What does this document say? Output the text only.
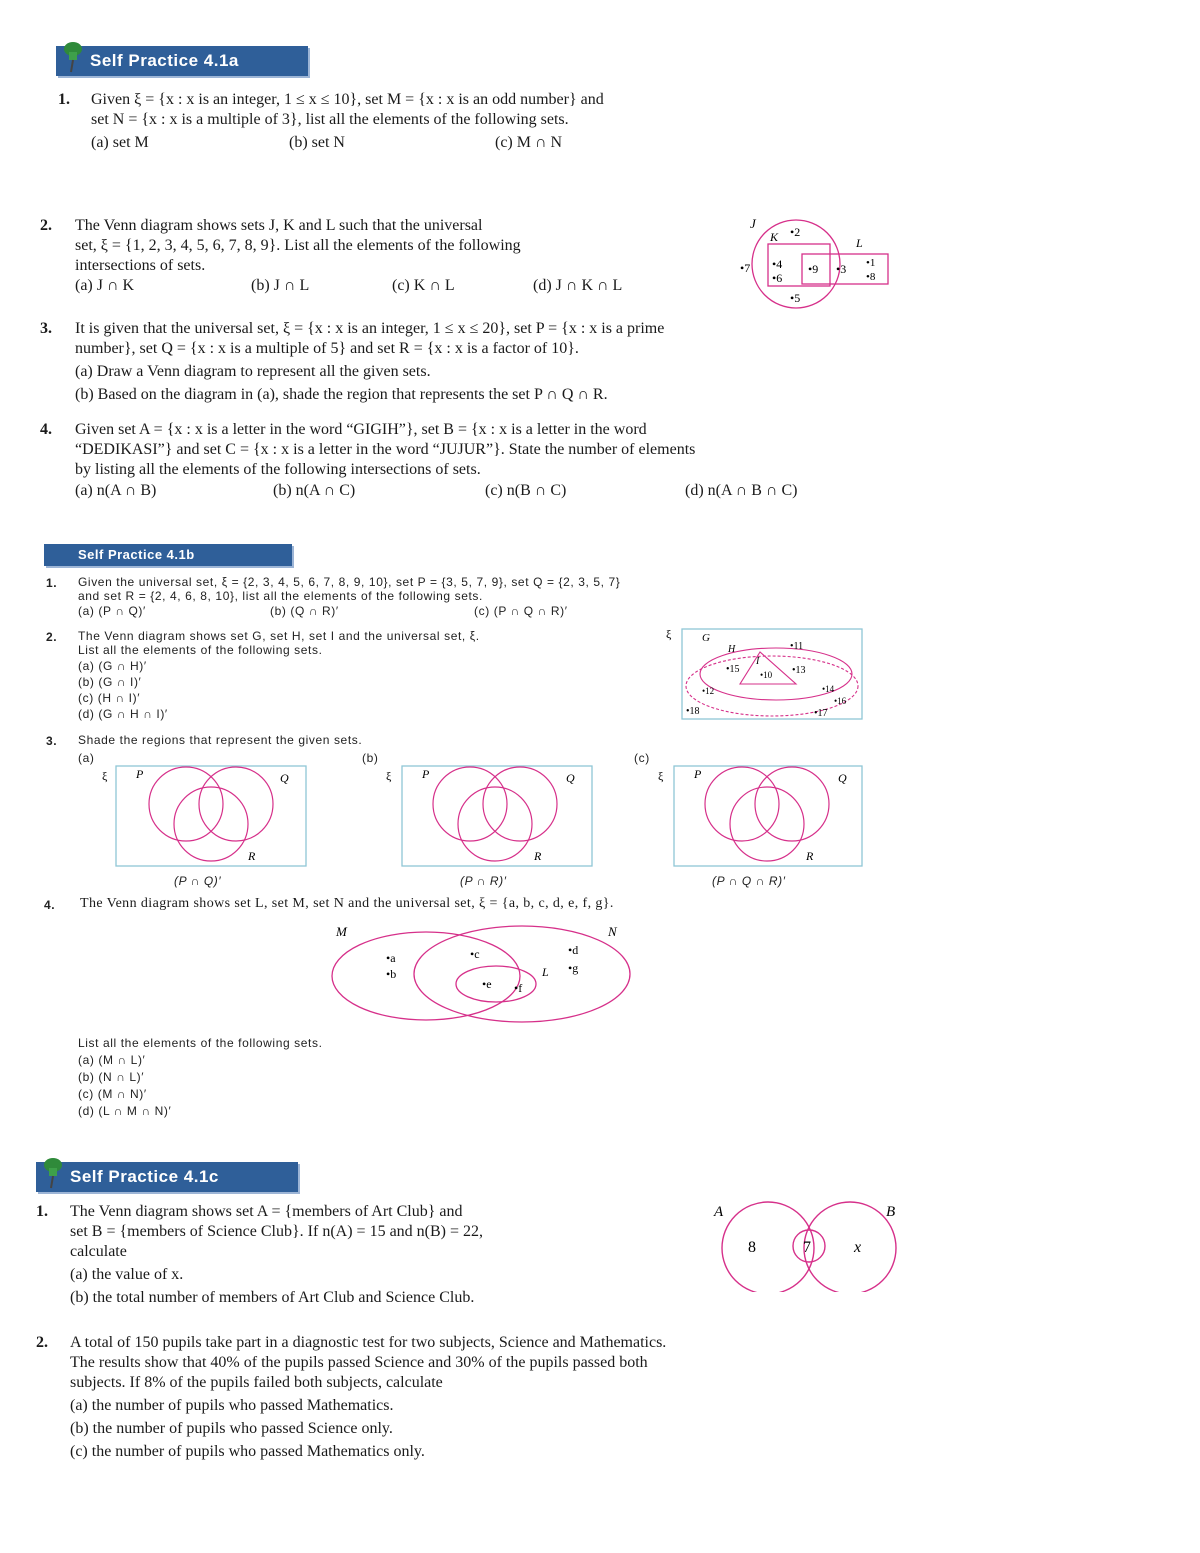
Self Practice 4.1a
1. Given ξ = {x : x is an integer, 1 ≤ x ≤ 10}, set M = {x : x is an odd number} and
set N = {x : x is a multiple of 3}, list all the elements of the following sets.
(a) set M	(b) set N	(c) M ∩ N
2. The Venn diagram shows sets J, K and L such that the universal
set, ξ = {1, 2, 3, 4, 5, 6, 7, 8, 9}. List all the elements of the following
intersections of sets.
(a) J ∩ K	(b) J ∩ L	(c) K ∩ L	(d) J ∩ K ∩ L
J
K	L
•2
•7 •4
•6
•9 •3 •1
•8
•5
3. It is given that the universal set, ξ = {x : x is an integer, 1 ≤ x ≤ 20}, set P = {x : x is a prime
number}, set Q = {x : x is a multiple of 5} and set R = {x : x is a factor of 10}.
(a) Draw a Venn diagram to represent all the given sets.
(b) Based on the diagram in (a), shade the region that represents the set P ∩ Q ∩ R.
4. Given set A = {x : x is a letter in the word “GIGIH”}, set B = {x : x is a letter in the word
“DEDIKASI”} and set C = {x : x is a letter in the word “JUJUR”}. State the number of elements
by listing all the elements of the following intersections of sets.
(a) n(A ∩ B)	(b) n(A ∩ C)	(c) n(B ∩ C)	(d) n(A ∩ B ∩ C)
Self Practice 4.1b
1. Given the universal set, ξ = {2, 3, 4, 5, 6, 7, 8, 9, 10}, set P = {3, 5, 7, 9}, set Q = {2, 3, 5, 7}
and set R = {2, 4, 6, 8, 10}, list all the elements of the following sets.
(a) (P ∩ Q)′	(b) (Q ∩ R)′	(c) (P ∩ Q ∩ R)′
2. The Venn diagram shows set G, set H, set I and the universal set, ξ.
List all the elements of the following sets.
(a) (G ∩ H)′
(b) (G ∩ I)′
(c) (H ∩ I)′
(d) (G ∩ H ∩ I)′
ξ	G
H
I
•11
•15 •10 •13
•12	•14
•16
•18	•17
3. Shade the regions that represent the given sets.
(a)	(b)	(c)
ξ P	Q
R
ξ	P	Q
R
ξ	P	Q
R
(P ∩ Q)′	(P ∩ R)′	(P ∩ Q ∩ R)′
4. The Venn diagram shows set L, set M, set N and the universal set, ξ = {a, b, c, d, e, f, g}.
M	N
L
•a
•b
•c	•d
•g
•e •f
List all the elements of the following sets.
(a) (M ∩ L)′
(b) (N ∩ L)′
(c) (M ∩ N)′
(d) (L ∩ M ∩ N)′
Self Practice 4.1c
1. The Venn diagram shows set A = {members of Art Club} and
set B = {members of Science Club}. If n(A) = 15 and n(B) = 22,
calculate
(a) the value of x.
(b) the total number of members of Art Club and Science Club.
A	B
8	7	x
2. A total of 150 pupils take part in a diagnostic test for two subjects, Science and Mathematics.
The results show that 40% of the pupils passed Science and 30% of the pupils passed both
subjects. If 8% of the pupils failed both subjects, calculate
(a) the number of pupils who passed Mathematics.
(b) the number of pupils who passed Science only.
(c) the number of pupils who passed Mathematics only.
